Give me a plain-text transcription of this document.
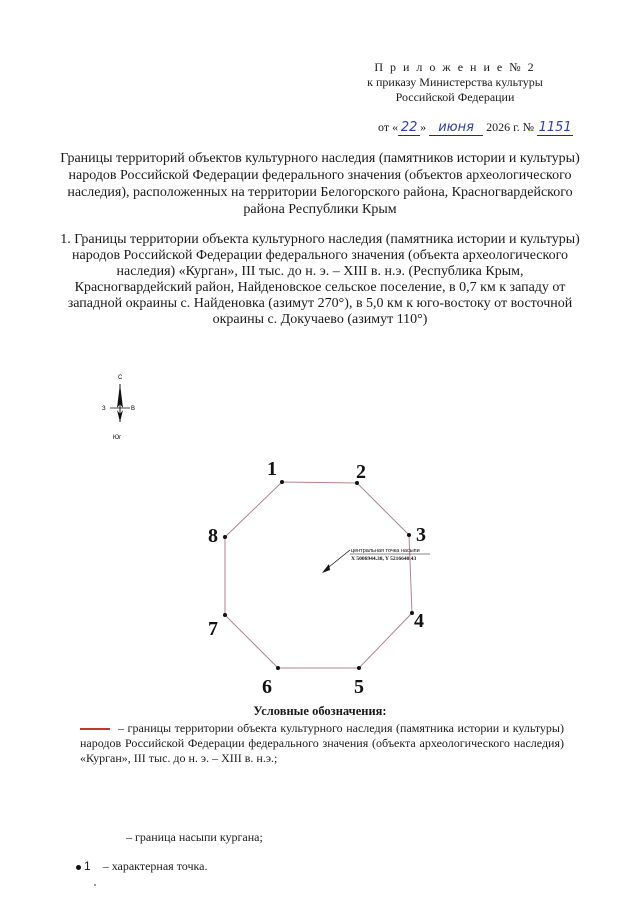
П р и л о ж е н и е № 2
к приказу Министерства культуры
Российской Федерации
от « 22 » июня 2026 г. № 1151
Границы территорий объектов культурного наследия (памятников истории и культуры) народов Российской Федерации федерального значения (объектов археологического наследия), расположенных на территории Белогорского района, Красногвардейского района Республики Крым
1. Границы территории объекта культурного наследия (памятника истории и культуры) народов Российской Федерации федерального значения (объекта археологического наследия) «Курган», III тыс. до н. э. – XIII в. н.э. (Республика Крым, Красногвардейский район, Найденовское сельское поселение, в 0,7 км к западу от западной окраины с. Найденовка (азимут 270°), в 5,0 км к юго-востоку от восточной окраины с. Докучаево (азимут 110°)
С
З	В
Юг
1	2
3
4
5
6
7
8
центральная точка насыпи
X 5006944.38, Y 5216640.43
Условные обозначения:
– границы территории объекта культурного наследия (памятника истории и культуры) народов Российской Федерации федерального значения (объекта археологического наследия) «Курган», III тыс. до н. э. – XIII в. н.э.;
– граница насыпи кургана;
1 – характерная точка.
